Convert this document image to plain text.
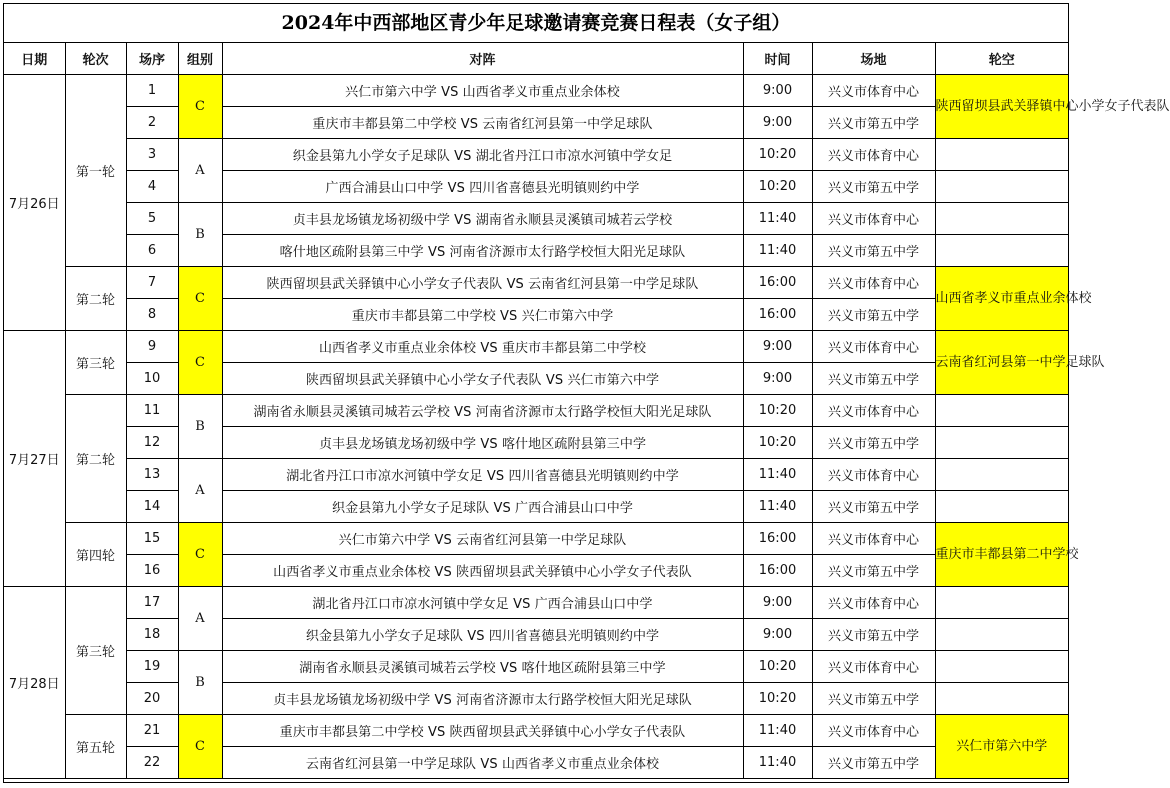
2024年中西部地区青少年足球邀请赛竞赛日程表（女子组）
日期	轮次	场序	组别	对阵	时间	场地	轮空
7月26日	第一轮	1	C	兴仁市第六中学 VS 山西省孝义市重点业余体校	9:00	兴义市体育中心	陕西留坝县武关驿镇中心小学女子代表队
		2		重庆市丰都县第二中学校 VS 云南省红河县第一中学足球队	9:00	兴义市第五中学	
		3	A	织金县第九小学女子足球队 VS 湖北省丹江口市凉水河镇中学女足	10:20	兴义市体育中心	
		4		广西合浦县山口中学 VS 四川省喜德县光明镇则约中学	10:20	兴义市第五中学	
		5	B	贞丰县龙场镇龙场初级中学 VS 湖南省永顺县灵溪镇司城若云学校	11:40	兴义市体育中心	
		6		喀什地区疏附县第三中学 VS 河南省济源市太行路学校恒大阳光足球队	11:40	兴义市第五中学	
	第二轮	7	C	陕西留坝县武关驿镇中心小学女子代表队 VS 云南省红河县第一中学足球队	16:00	兴义市体育中心	山西省孝义市重点业余体校
		8		重庆市丰都县第二中学校 VS 兴仁市第六中学	16:00	兴义市第五中学	
7月27日	第三轮	9	C	山西省孝义市重点业余体校 VS 重庆市丰都县第二中学校	9:00	兴义市体育中心	云南省红河县第一中学足球队
		10		陕西留坝县武关驿镇中心小学女子代表队 VS 兴仁市第六中学	9:00	兴义市第五中学	
	第二轮	11	B	湖南省永顺县灵溪镇司城若云学校 VS 河南省济源市太行路学校恒大阳光足球队	10:20	兴义市体育中心	
		12		贞丰县龙场镇龙场初级中学 VS 喀什地区疏附县第三中学	10:20	兴义市第五中学	
		13	A	湖北省丹江口市凉水河镇中学女足 VS 四川省喜德县光明镇则约中学	11:40	兴义市体育中心	
		14		织金县第九小学女子足球队 VS 广西合浦县山口中学	11:40	兴义市第五中学	
	第四轮	15	C	兴仁市第六中学 VS 云南省红河县第一中学足球队	16:00	兴义市体育中心	重庆市丰都县第二中学校
		16		山西省孝义市重点业余体校 VS 陕西留坝县武关驿镇中心小学女子代表队	16:00	兴义市第五中学	
7月28日	第三轮	17	A	湖北省丹江口市凉水河镇中学女足 VS 广西合浦县山口中学	9:00	兴义市体育中心	
		18		织金县第九小学女子足球队 VS 四川省喜德县光明镇则约中学	9:00	兴义市第五中学	
		19	B	湖南省永顺县灵溪镇司城若云学校 VS 喀什地区疏附县第三中学	10:20	兴义市体育中心	
		20		贞丰县龙场镇龙场初级中学 VS 河南省济源市太行路学校恒大阳光足球队	10:20	兴义市第五中学	
	第五轮	21	C	重庆市丰都县第二中学校 VS 陕西留坝县武关驿镇中心小学女子代表队	11:40	兴义市体育中心	兴仁市第六中学
		22		云南省红河县第一中学足球队 VS 山西省孝义市重点业余体校	11:40	兴义市第五中学	
